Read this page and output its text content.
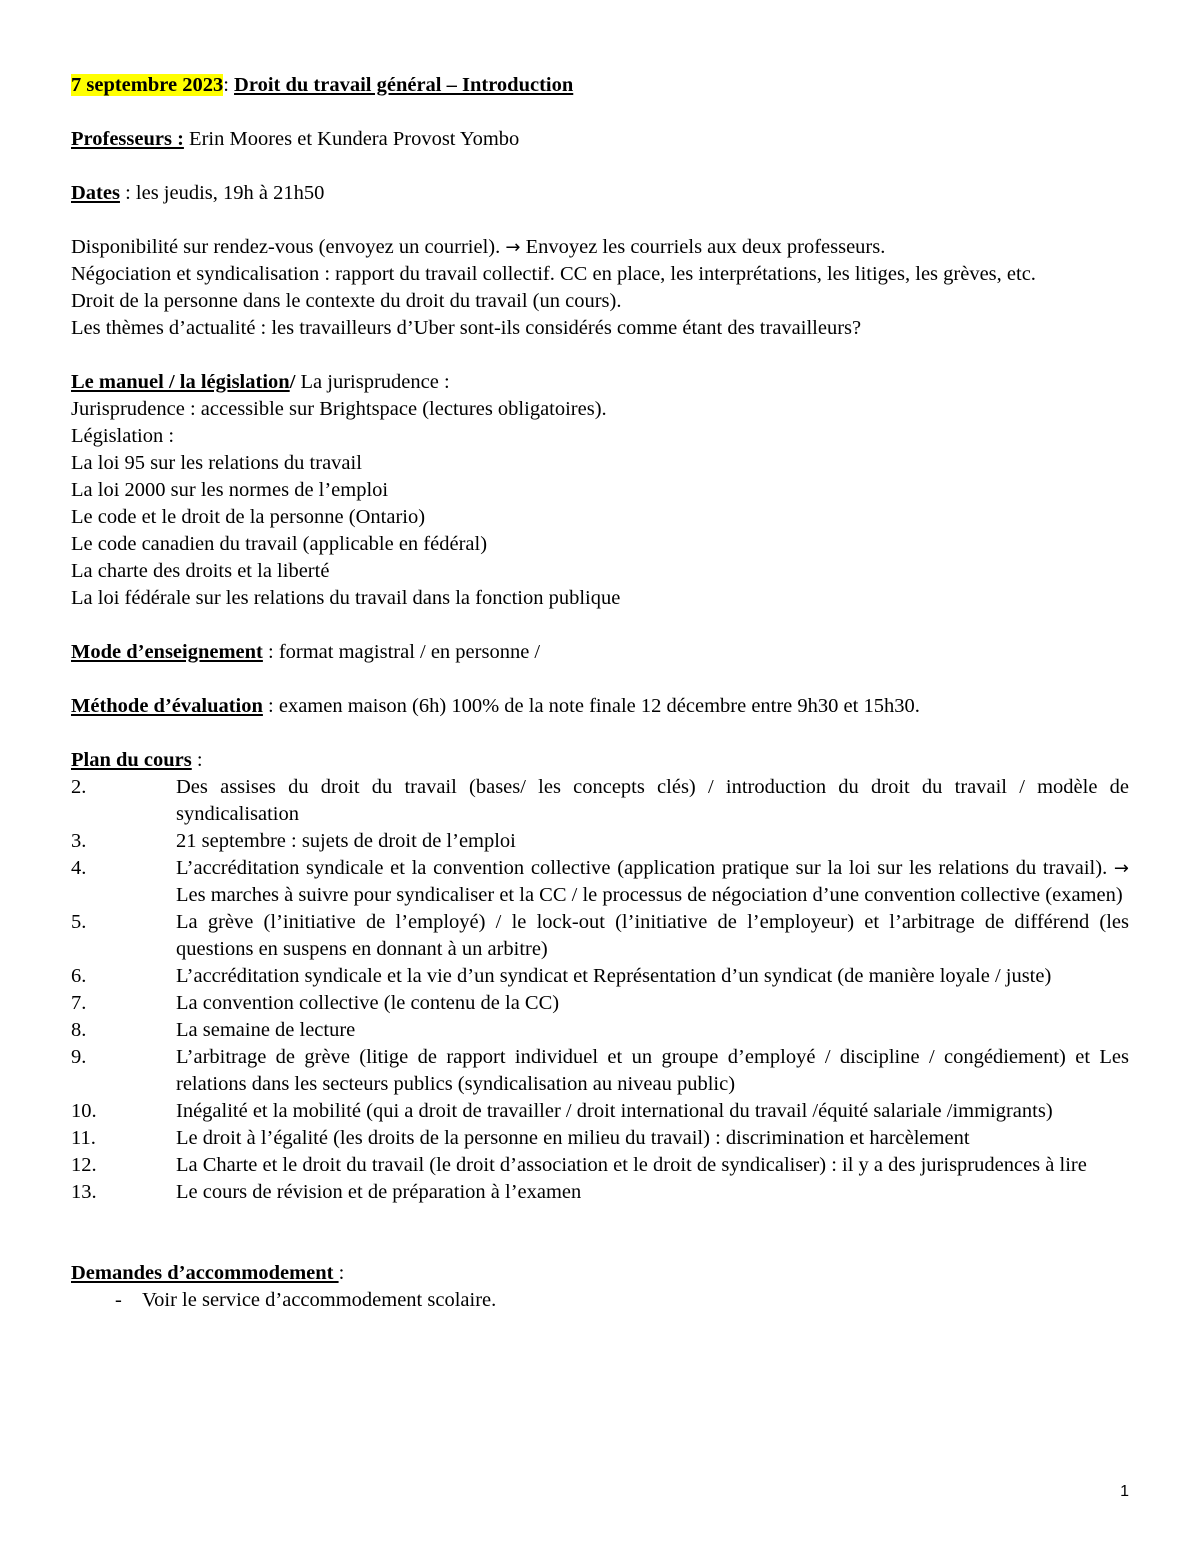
7 septembre 2023: Droit du travail général – Introduction

Professeurs : Erin Moores et Kundera Provost Yombo

Dates : les jeudis, 19h à 21h50

Disponibilité sur rendez-vous (envoyez un courriel). → Envoyez les courriels aux deux professeurs.

Négociation et syndicalisation : rapport du travail collectif. CC en place, les interprétations, les litiges, les grèves, etc.

Droit de la personne dans le contexte du droit du travail (un cours).

Les thèmes d’actualité : les travailleurs d’Uber sont-ils considérés comme étant des travailleurs?

Le manuel / la législation/ La jurisprudence :

Jurisprudence : accessible sur Brightspace (lectures obligatoires).

Législation :

La loi 95 sur les relations du travail

La loi 2000 sur les normes de l’emploi

Le code et le droit de la personne (Ontario)

Le code canadien du travail (applicable en fédéral)

La charte des droits et la liberté

La loi fédérale sur les relations du travail dans la fonction publique

Mode d’enseignement : format magistral / en personne /

Méthode d’évaluation : examen maison (6h) 100% de la note finale 12 décembre entre 9h30 et 15h30.

Plan du cours :

2.	Des assises du droit du travail (bases/ les concepts clés) / introduction du droit du travail / modèle de syndicalisation
3.	21 septembre : sujets de droit de l’emploi
4.	L’accréditation syndicale et la convention collective (application pratique sur la loi sur les relations du travail). → Les marches à suivre pour syndicaliser et la CC / le processus de négociation d’une convention collective (examen)
5.	La grève (l’initiative de l’employé) / le lock-out (l’initiative de l’employeur) et l’arbitrage de différend (les questions en suspens en donnant à un arbitre)
6.	L’accréditation syndicale et la vie d’un syndicat et Représentation d’un syndicat (de manière loyale / juste)
7.	La convention collective (le contenu de la CC)
8.	La semaine de lecture
9.	L’arbitrage de grève (litige de rapport individuel et un groupe d’employé / discipline / congédiement) et Les relations dans les secteurs publics (syndicalisation au niveau public)
10.	Inégalité et la mobilité (qui a droit de travailler / droit international du travail /équité salariale /immigrants)
11.	Le droit à l’égalité (les droits de la personne en milieu du travail) : discrimination et harcèlement
12.	La Charte et le droit du travail (le droit d’association et le droit de syndicaliser) : il y a des jurisprudences à lire
13.	Le cours de révision et de préparation à l’examen

Demandes d’accommodement :

- Voir le service d’accommodement scolaire.
1
